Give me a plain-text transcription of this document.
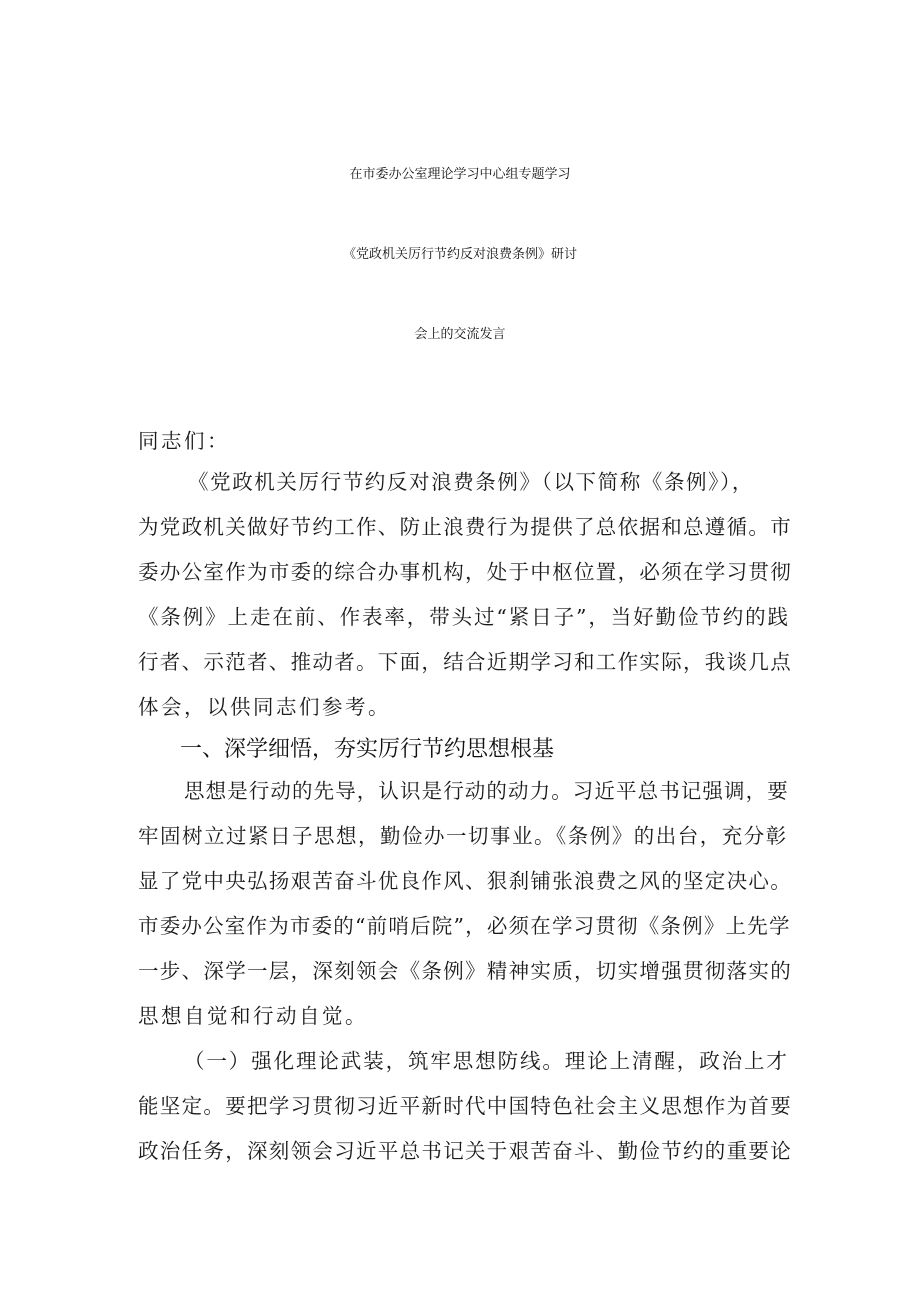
在市委办公室理论学习中心组专题学习
《党政机关厉行节约反对浪费条例》研讨
会上的交流发言
同志们：
《党政机关厉行节约反对浪费条例》（以下简称《条例》），
为党政机关做好节约工作、防止浪费行为提供了总依据和总遵循。市
委办公室作为市委的综合办事机构，处于中枢位置，必须在学习贯彻
《条例》上走在前、作表率，带头过“紧日子”，当好勤俭节约的践
行者、示范者、推动者。下面，结合近期学习和工作实际，我谈几点
体会，以供同志们参考。
一、深学细悟，夯实厉行节约思想根基
思想是行动的先导，认识是行动的动力。习近平总书记强调，要
牢固树立过紧日子思想，勤俭办一切事业。《条例》的出台，充分彰
显了党中央弘扬艰苦奋斗优良作风、狠刹铺张浪费之风的坚定决心。
市委办公室作为市委的“前哨后院”，必须在学习贯彻《条例》上先学
一步、深学一层，深刻领会《条例》精神实质，切实增强贯彻落实的
思想自觉和行动自觉。
（一）强化理论武装，筑牢思想防线。理论上清醒，政治上才
能坚定。要把学习贯彻习近平新时代中国特色社会主义思想作为首要
政治任务，深刻领会习近平总书记关于艰苦奋斗、勤俭节约的重要论
